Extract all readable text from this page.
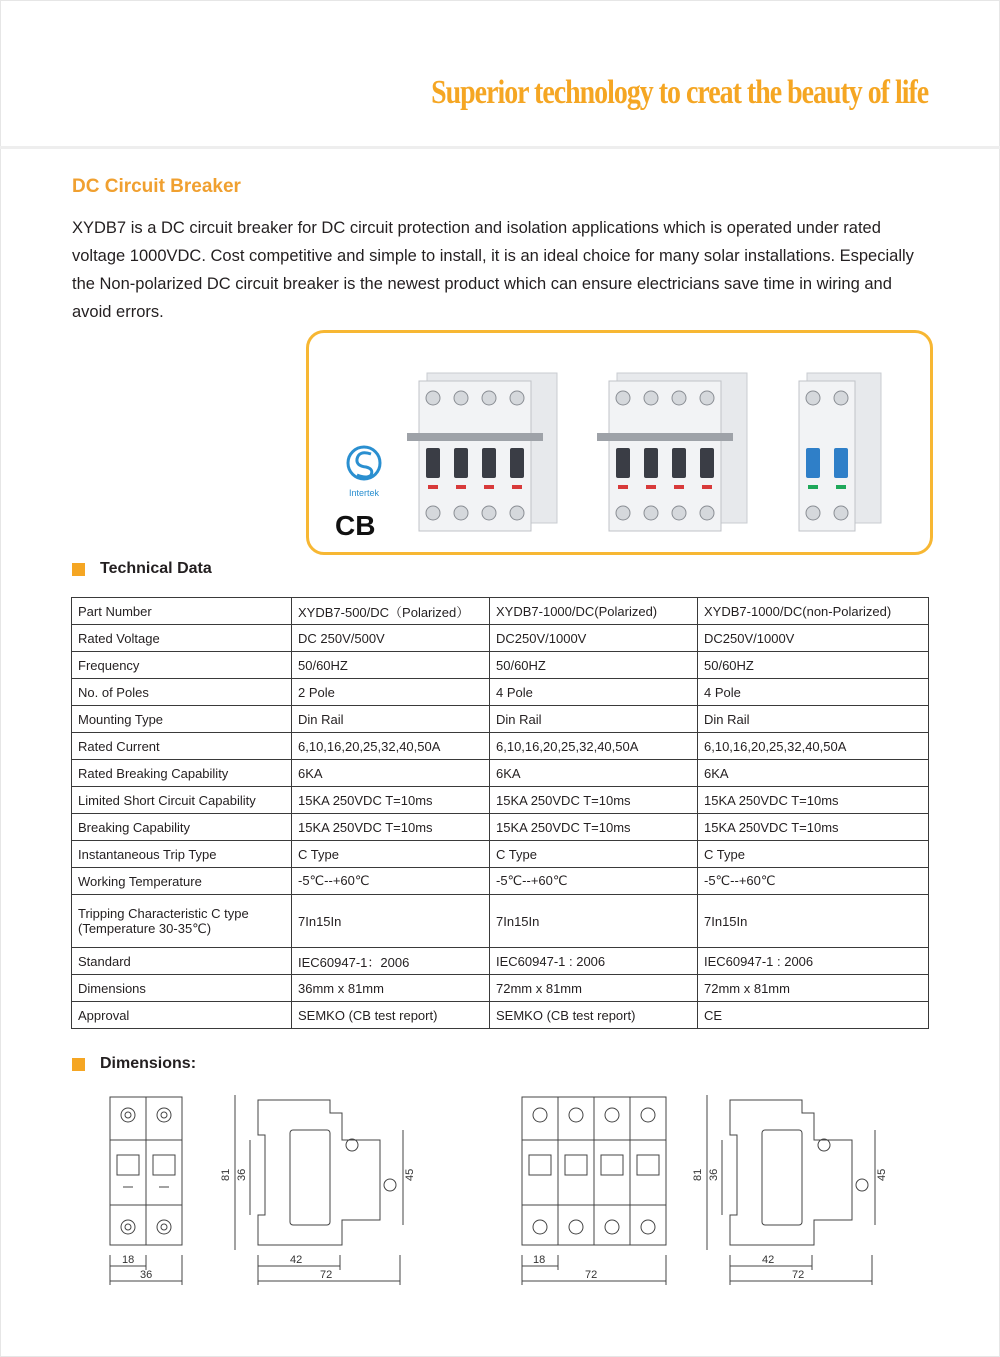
Superior technology to creat the beauty of life
DC Circuit Breaker

XYDB7 is a DC circuit breaker for DC circuit protection and isolation applications which is operated under rated voltage 1000VDC. Cost competitive and simple to install, it is an ideal choice for many solar installations. Especially the Non-polarized DC circuit breaker is the newest product which can ensure electricians save time in wiring and avoid errors.

Intertek
CB
Technical Data
Part Number	XYDB7-500/DC（Polarized）	XYDB7-1000/DC(Polarized)	XYDB7-1000/DC(non-Polarized)
Rated Voltage	DC 250V/500V	DC250V/1000V	DC250V/1000V
Frequency	50/60HZ	50/60HZ	50/60HZ
No. of Poles	2 Pole	4 Pole	4 Pole
Mounting Type	Din Rail	Din Rail	Din Rail
Rated Current	6,10,16,20,25,32,40,50A	6,10,16,20,25,32,40,50A	6,10,16,20,25,32,40,50A
Rated Breaking Capability	6KA	6KA	6KA
Limited Short Circuit Capability	15KA 250VDC T=10ms	15KA 250VDC T=10ms	15KA 250VDC T=10ms
Breaking Capability	15KA 250VDC T=10ms	15KA 250VDC T=10ms	15KA 250VDC T=10ms
Instantaneous Trip Type	C Type	C Type	C Type
Working Temperature	-5℃--+60℃	-5℃--+60℃	-5℃--+60℃
Tripping Characteristic C type
(Temperature 30-35℃)	7In15In	7In15In	7In15In
Standard	IEC60947-1：2006	IEC60947-1 : 2006	IEC60947-1 : 2006
Dimensions	36mm x 81mm	72mm x 81mm	72mm x 81mm
Approval	SEMKO (CB test report)	SEMKO (CB test report)	CE
Dimensions:
18
36
81 36	45
42
72
18
72
81 36	45
42
72
